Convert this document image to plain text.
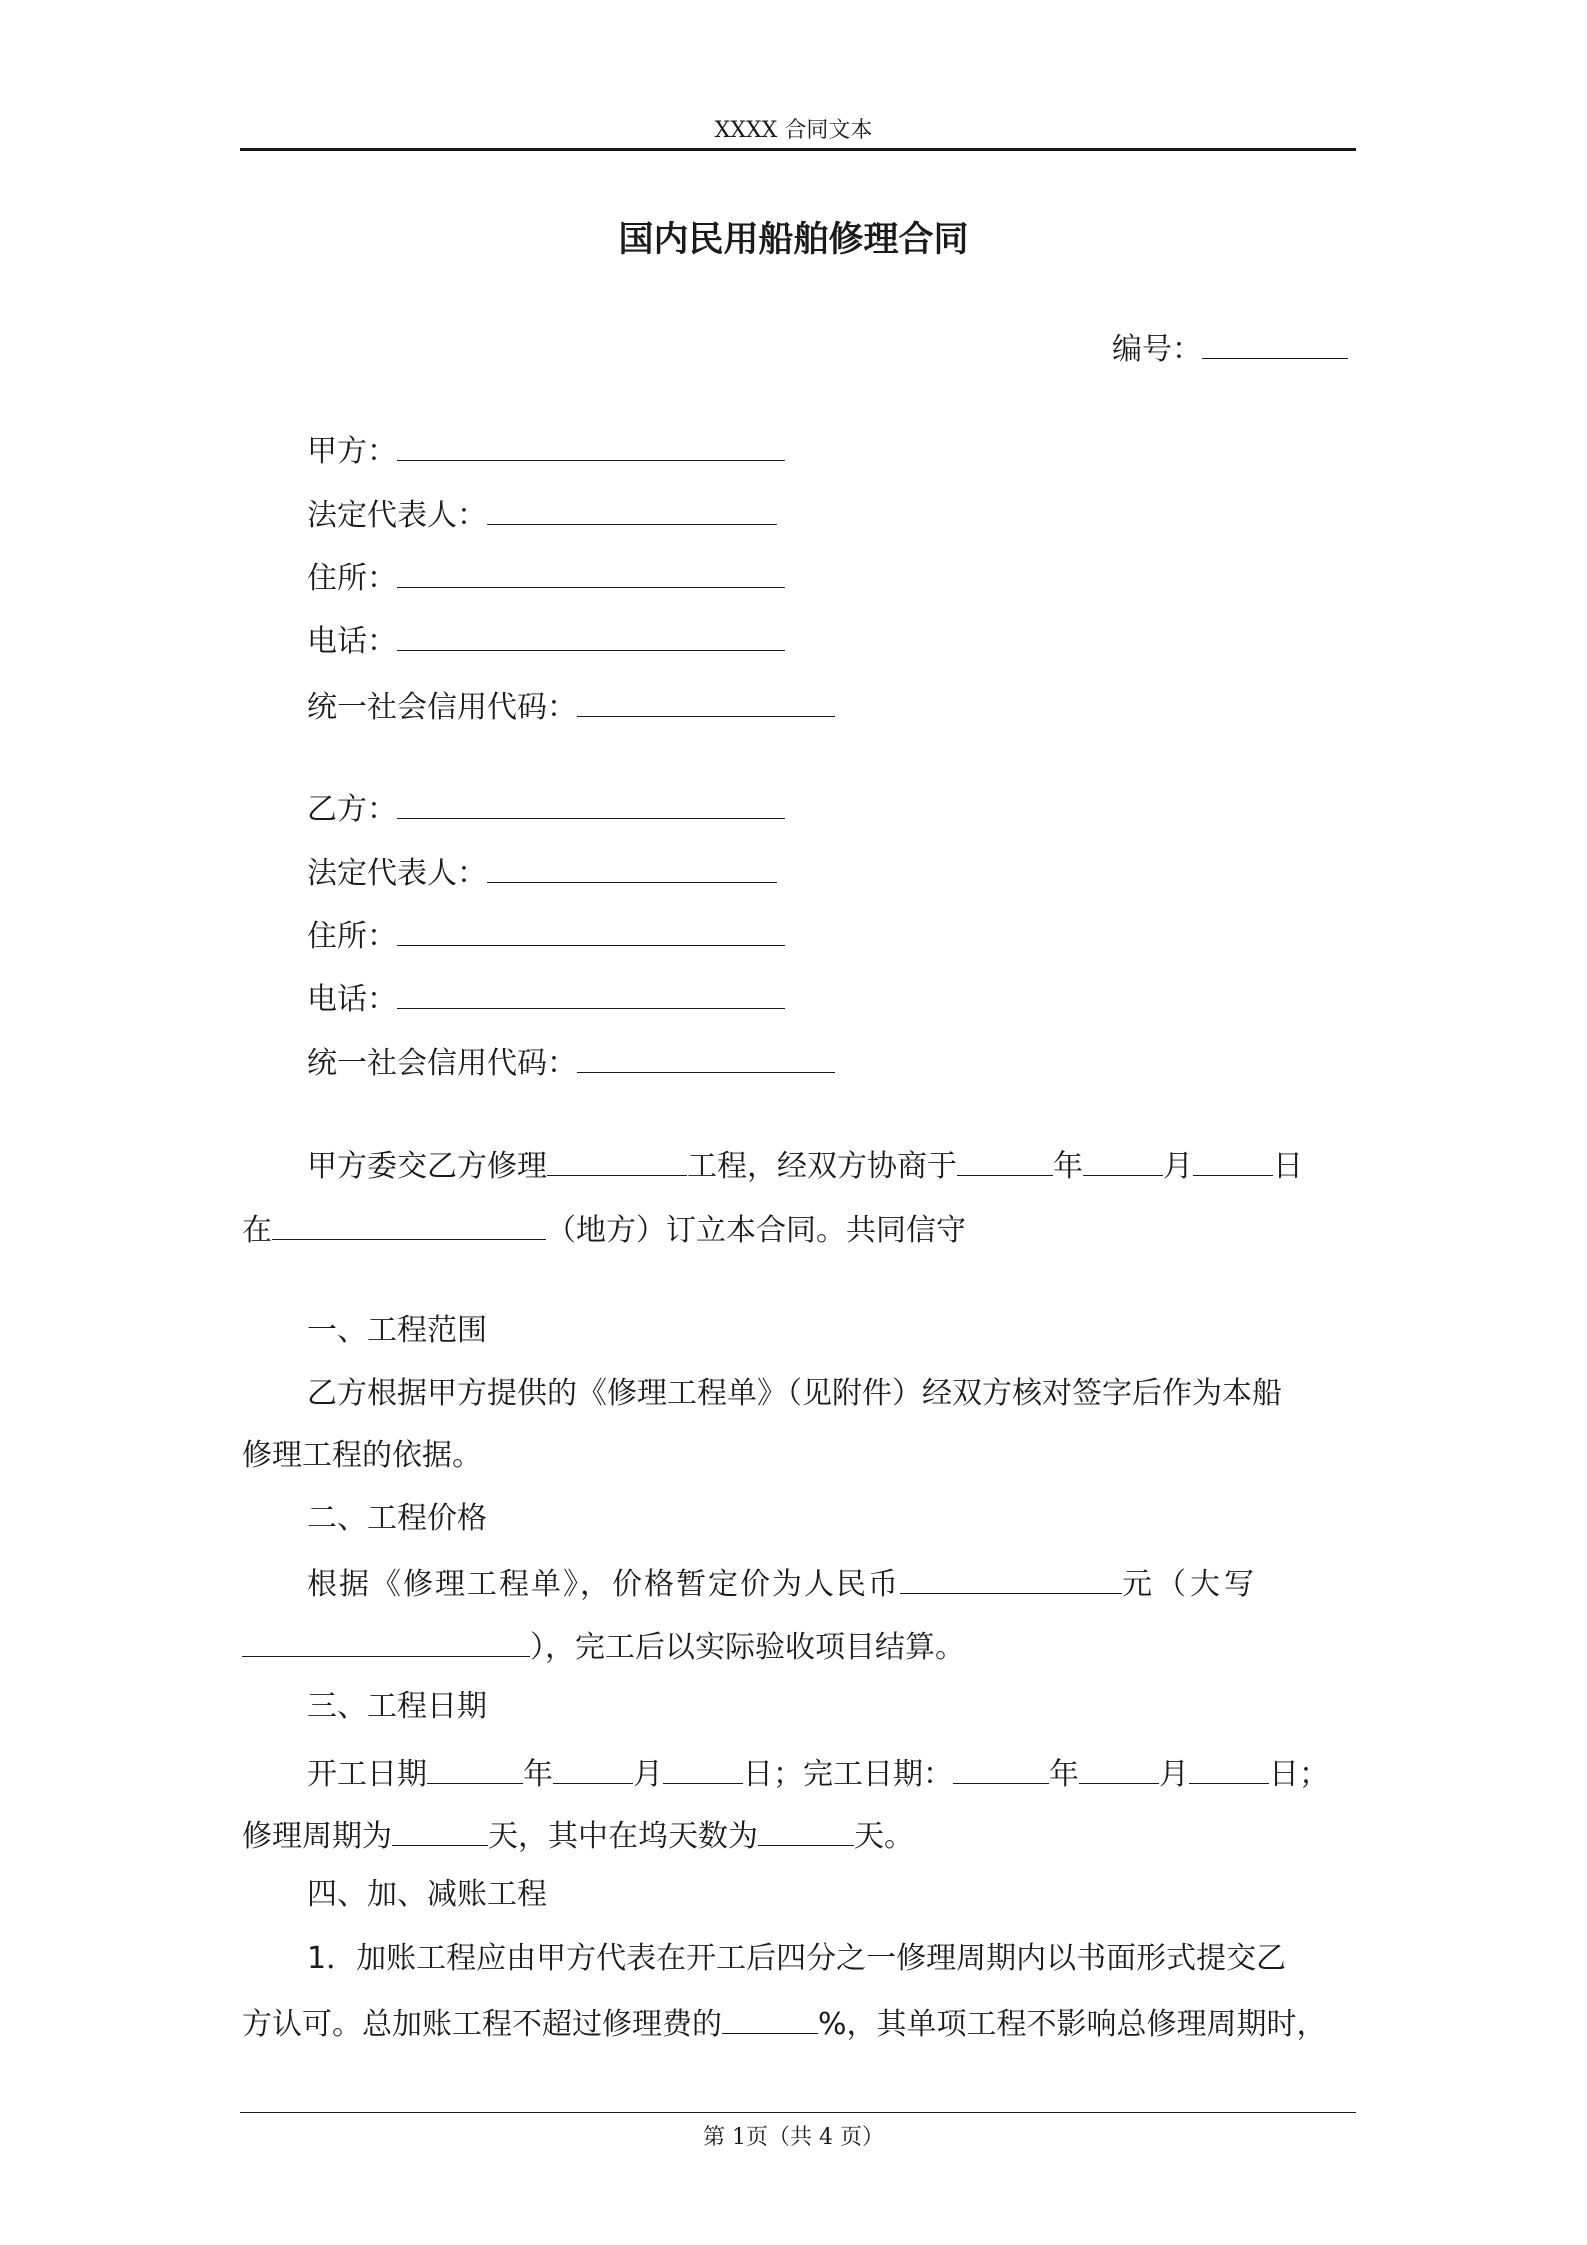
XXXX 合同文本
国内民用船舶修理合同
编号：
甲方：
法定代表人：
住所：
电话：
统一社会信用代码：
乙方：
法定代表人：
住所：
电话：
统一社会信用代码：
甲方委交乙方修理	工程，经双方协商于	年	月	日
在	（地方）订立本合同。共同信守
一、工程范围
乙方根据甲方提供的《修理工程单》（见附件）经双方核对签字后作为本船
修理工程的依据。
二、工程价格
根据《修理工程单》，价格暂定价为人民币	元（大写
），完工后以实际验收项目结算。
三、工程日期
开工日期	年	月	日；完工日期：	年	月	日；
修理周期为	天，其中在坞天数为	天。
四、加、减账工程
1．加账工程应由甲方代表在开工后四分之一修理周期内以书面形式提交乙
方认可。总加账工程不超过修理费的	%，其单项工程不影响总修理周期时，
第 1页（共 4 页）
